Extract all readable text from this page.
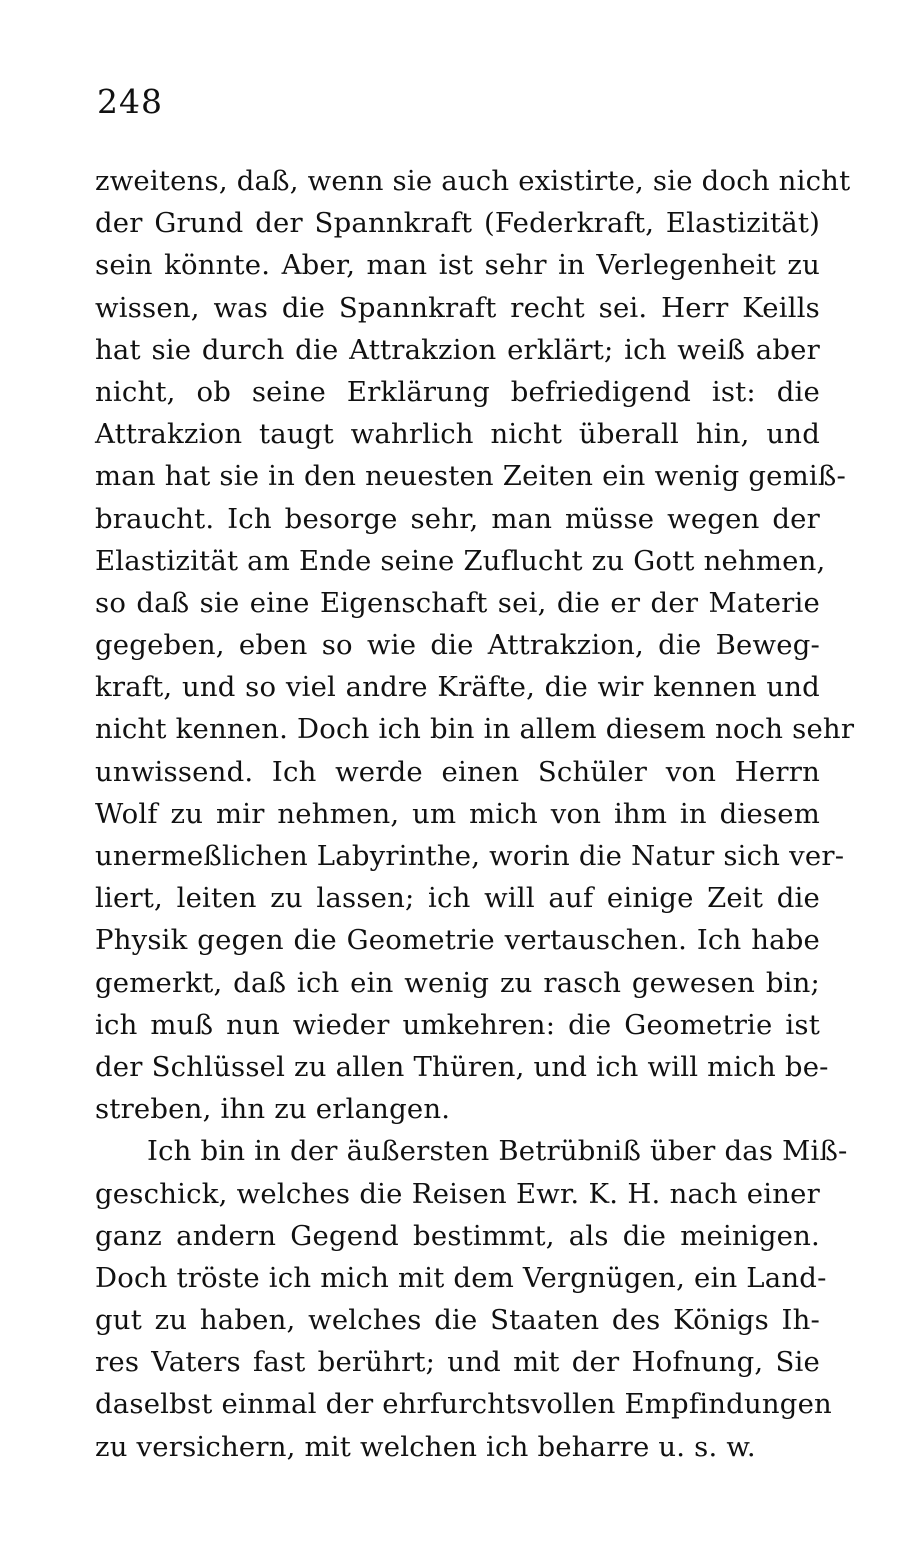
248
zweitens, daß, wenn sie auch existirte, sie doch nicht
der Grund der Spannkraft (Federkraft, Elastizität)
sein könnte. Aber, man ist sehr in Verlegenheit zu
wissen, was die Spannkraft recht sei. Herr Keills
hat sie durch die Attrakzion erklärt; ich weiß aber
nicht, ob seine Erklärung befriedigend ist: die
Attrakzion taugt wahrlich nicht überall hin, und
man hat sie in den neuesten Zeiten ein wenig gemiß-
braucht. Ich besorge sehr, man müsse wegen der
Elastizität am Ende seine Zuflucht zu Gott nehmen,
so daß sie eine Eigenschaft sei, die er der Materie
gegeben, eben so wie die Attrakzion, die Beweg-
kraft, und so viel andre Kräfte, die wir kennen und
nicht kennen. Doch ich bin in allem diesem noch sehr
unwissend. Ich werde einen Schüler von Herrn
Wolf zu mir nehmen, um mich von ihm in diesem
unermeßlichen Labyrinthe, worin die Natur sich ver-
liert, leiten zu lassen; ich will auf einige Zeit die
Physik gegen die Geometrie vertauschen. Ich habe
gemerkt, daß ich ein wenig zu rasch gewesen bin;
ich muß nun wieder umkehren: die Geometrie ist
der Schlüssel zu allen Thüren, und ich will mich be-
streben, ihn zu erlangen.
Ich bin in der äußersten Betrübniß über das Miß-
geschick, welches die Reisen Ewr. K. H. nach einer
ganz andern Gegend bestimmt, als die meinigen.
Doch tröste ich mich mit dem Vergnügen, ein Land-
gut zu haben, welches die Staaten des Königs Ih-
res Vaters fast berührt; und mit der Hofnung, Sie
daselbst einmal der ehrfurchtsvollen Empfindungen
zu versichern, mit welchen ich beharre u. s. w.
